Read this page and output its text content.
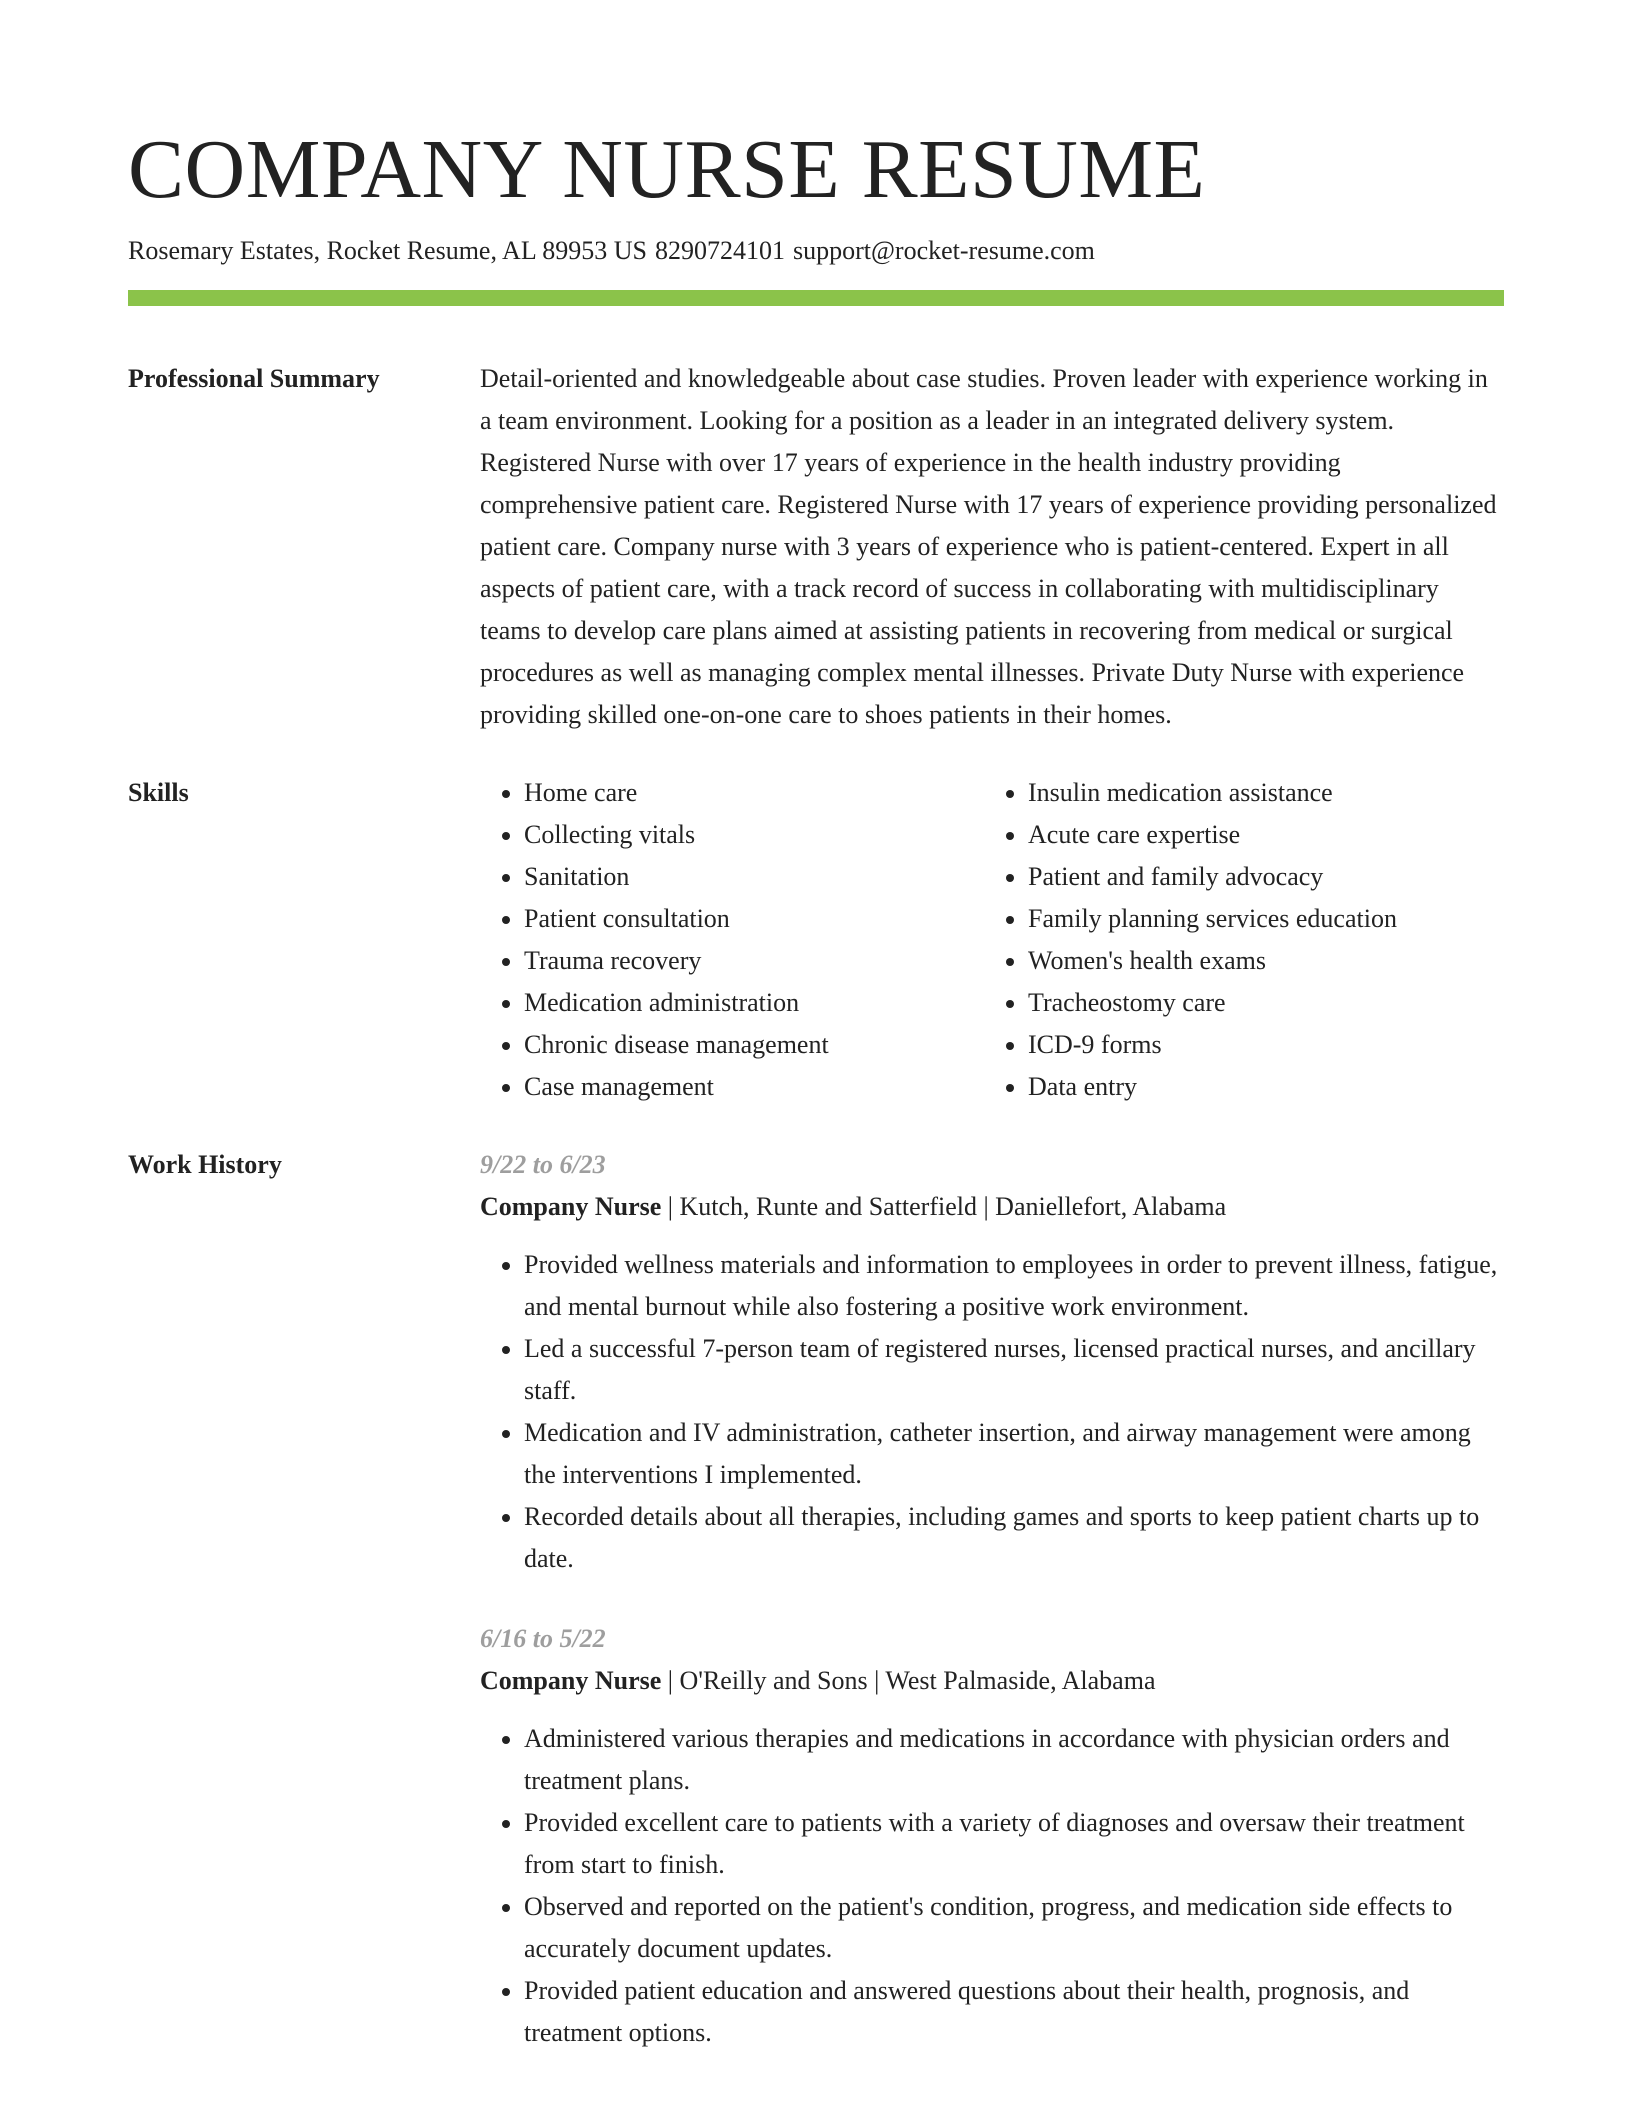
COMPANY NURSE RESUME
Rosemary Estates, Rocket Resume, AL 89953 US 8290724101 support@rocket-resume.com
Professional Summary	Detail-oriented and knowledgeable about case studies. Proven leader with experience working in a team environment. Looking for a position as a leader in an integrated delivery system. Registered Nurse with over 17 years of experience in the health industry providing comprehensive patient care. Registered Nurse with 17 years of experience providing personalized patient care. Company nurse with 3 years of experience who is patient-centered. Expert in all aspects of patient care, with a track record of success in collaborating with multidisciplinary teams to develop care plans aimed at assisting patients in recovering from medical or surgical procedures as well as managing complex mental illnesses. Private Duty Nurse with experience providing skilled one-on-one care to shoes patients in their homes.

Skills
•	Home care
• Collecting vitals
• Sanitation
• Patient consultation
• Trauma recovery
• Medication administration
• Chronic disease management
• Case management
• Insulin medication assistance
• Acute care expertise
• Patient and family advocacy
• Family planning services education
• Women's health exams
• Tracheostomy care
• ICD-9 forms
• Data entry
Work History	9/22 to 6/23
Company Nurse | Kutch, Runte and Satterfield | Daniellefort, Alabama
• Provided wellness materials and information to employees in order to prevent illness, fatigue, and mental burnout while also fostering a positive work environment.
• Led a successful 7-person team of registered nurses, licensed practical nurses, and ancillary staff.
• Medication and IV administration, catheter insertion, and airway management were among the interventions I implemented.
• Recorded details about all therapies, including games and sports to keep patient charts up to date.
6/16 to 5/22
Company Nurse | O'Reilly and Sons | West Palmaside, Alabama
• Administered various therapies and medications in accordance with physician orders and treatment plans.
• Provided excellent care to patients with a variety of diagnoses and oversaw their treatment from start to finish.
• Observed and reported on the patient's condition, progress, and medication side effects to accurately document updates.
• Provided patient education and answered questions about their health, prognosis, and treatment options.
